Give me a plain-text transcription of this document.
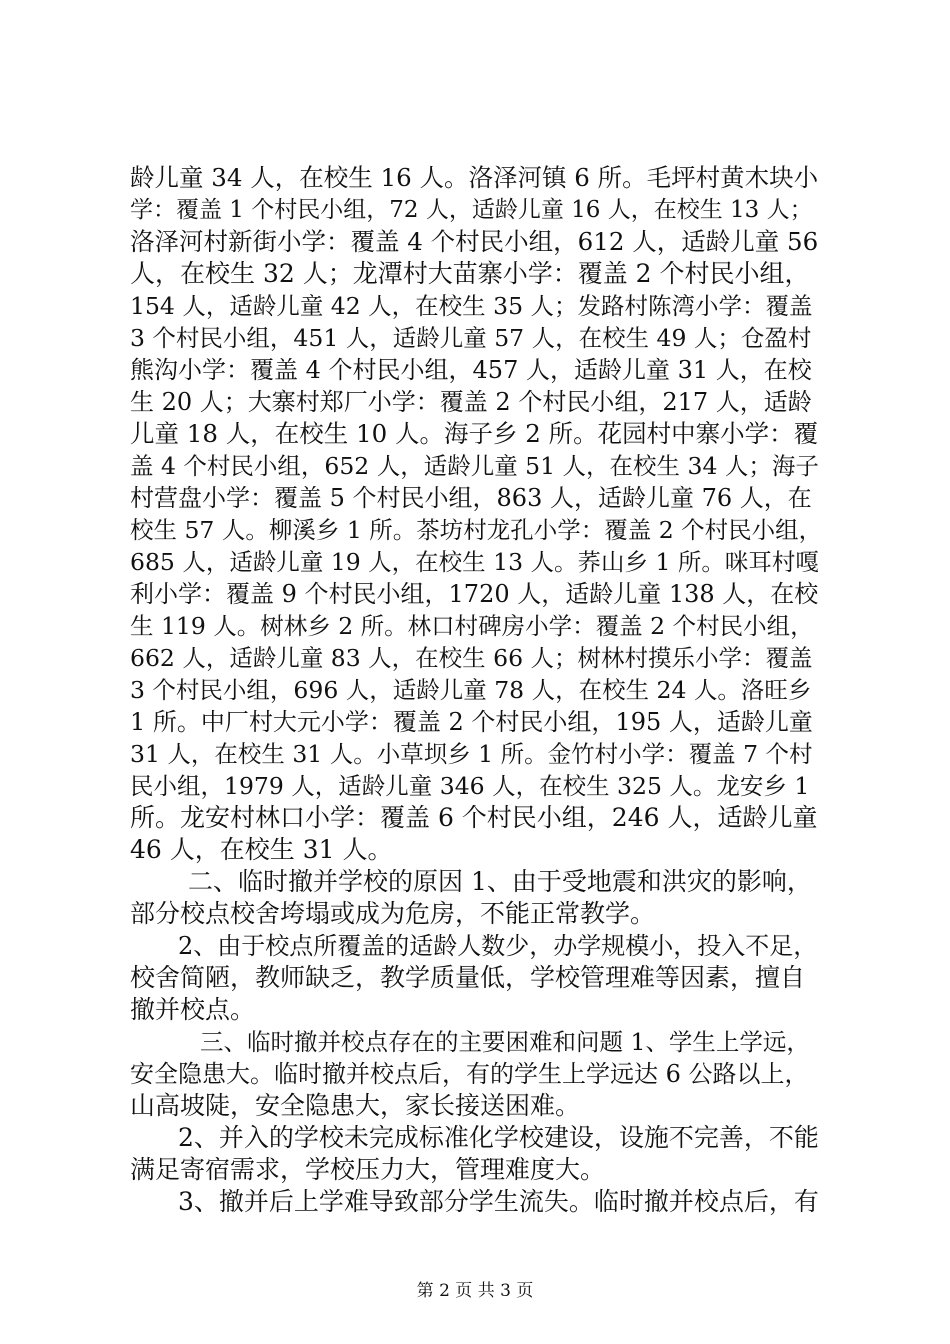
龄儿童 34 人，在校生 16 人。洛泽河镇 6 所。毛坪村黄木块小
学：覆盖 1 个村民小组，72 人，适龄儿童 16 人，在校生 13 人；
洛泽河村新街小学：覆盖 4 个村民小组，612 人，适龄儿童 56
人，在校生 32 人；龙潭村大苗寨小学：覆盖 2 个村民小组，
154 人，适龄儿童 42 人，在校生 35 人；发路村陈湾小学：覆盖
3 个村民小组，451 人，适龄儿童 57 人，在校生 49 人；仓盈村
熊沟小学：覆盖 4 个村民小组，457 人，适龄儿童 31 人，在校
生 20 人；大寨村郑厂小学：覆盖 2 个村民小组，217 人，适龄
儿童 18 人，在校生 10 人。海子乡 2 所。花园村中寨小学：覆
盖 4 个村民小组，652 人，适龄儿童 51 人，在校生 34 人；海子
村营盘小学：覆盖 5 个村民小组，863 人，适龄儿童 76 人，在
校生 57 人。柳溪乡 1 所。茶坊村龙孔小学：覆盖 2 个村民小组，
685 人，适龄儿童 19 人，在校生 13 人。荞山乡 1 所。咪耳村嘎
利小学：覆盖 9 个村民小组，1720 人，适龄儿童 138 人，在校
生 119 人。树林乡 2 所。林口村碑房小学：覆盖 2 个村民小组，
662 人，适龄儿童 83 人，在校生 66 人；树林村摸乐小学：覆盖
3 个村民小组，696 人，适龄儿童 78 人，在校生 24 人。洛旺乡
1 所。中厂村大元小学：覆盖 2 个村民小组，195 人，适龄儿童
31 人，在校生 31 人。小草坝乡 1 所。金竹村小学：覆盖 7 个村
民小组，1979 人，适龄儿童 346 人，在校生 325 人。龙安乡 1
所。龙安村林口小学：覆盖 6 个村民小组，246 人，适龄儿童
46 人，在校生 31 人。
二、临时撤并学校的原因 1、由于受地震和洪灾的影响，
部分校点校舍垮塌或成为危房，不能正常教学。
2、由于校点所覆盖的适龄人数少，办学规模小，投入不足，
校舍简陋，教师缺乏，教学质量低，学校管理难等因素，擅自
撤并校点。
三、临时撤并校点存在的主要困难和问题 1、学生上学远，
安全隐患大。临时撤并校点后，有的学生上学远达 6 公路以上，
山高坡陡，安全隐患大，家长接送困难。
2、并入的学校未完成标准化学校建设，设施不完善，不能
满足寄宿需求，学校压力大，管理难度大。
3、撤并后上学难导致部分学生流失。临时撤并校点后，有
第 2 页 共 3 页
